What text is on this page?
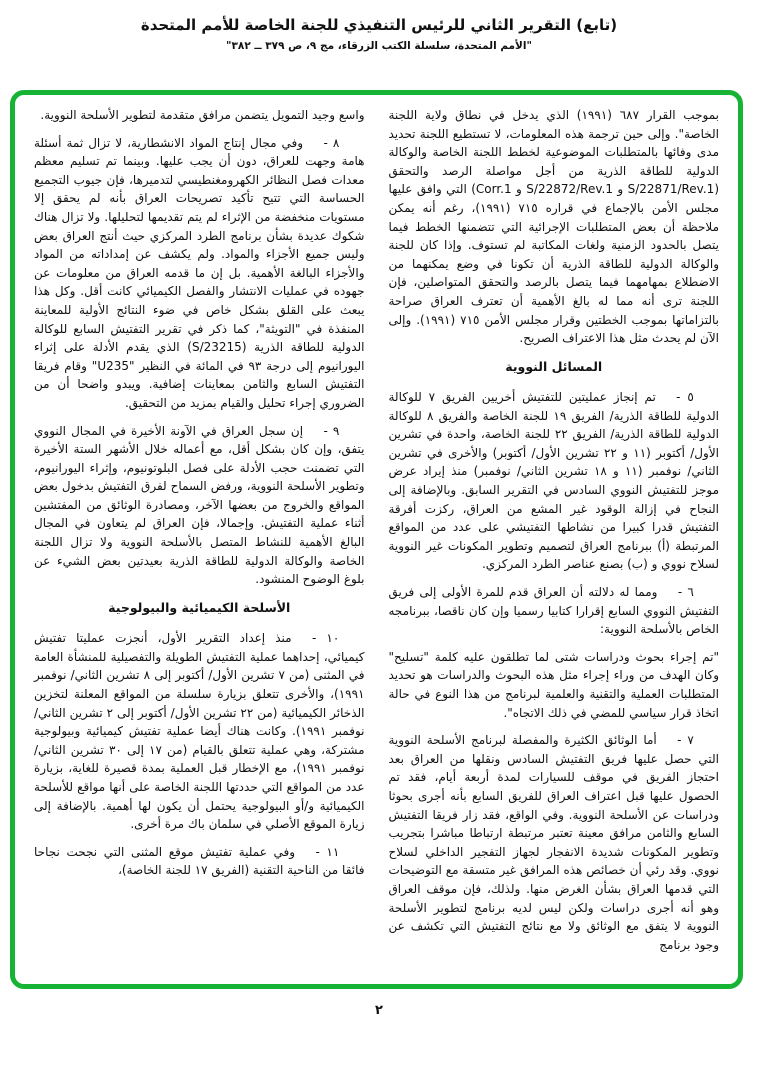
(تابع) التقرير الثاني للرئيس التنفيذي للجنة الخاصة للأمم المتحدة
"الأمم المتحدة، سلسلة الكتب الزرقاء، مج ٩، ص ٣٧٩ ــ ٣٨٢"

بموجب القرار ٦٨٧ (١٩٩١) الذي يدخل في نطاق ولاية اللجنة الخاصة". وإلى حين ترجمة هذه المعلومات، لا تستطيع اللجنة تحديد مدى وفائها بالمتطلبات الموضوعية لخطط اللجنة الخاصة والوكالة الدولية للطاقة الذرية من أجل مواصلة الرصد والتحقق (S/22871/Rev.1 و S/22872/Rev.1 و Corr.1) التي وافق عليها مجلس الأمن بالإجماع في قراره ٧١٥ (١٩٩١)، رغم أنه يمكن ملاحظة أن بعض المتطلبات الإجرائية التي تتضمنها الخطط فيما يتصل بالحدود الزمنية ولغات المكاتبة لم تستوف. وإذا كان للجنة والوكالة الدولية للطاقة الذرية أن تكونا في وضع يمكنهما من الاضطلاع بمهامهما فيما يتصل بالرصد والتحقق المتواصلين، فإن اللجنة ترى أنه مما له بالغ الأهمية أن تعترف العراق صراحة بالتزاماتها بموجب الخطتين وقرار مجلس الأمن ٧١٥ (١٩٩١). وإلى الآن لم يحدث مثل هذا الاعتراف الصريح.

المسائل النووية

٥ -تم إنجاز عمليتين للتفتيش أخريين الفريق ٧ للوكالة الدولية للطاقة الذرية/ الفريق ١٩ للجنة الخاصة والفريق ٨ للوكالة الدولية للطاقة الذرية/ الفريق ٢٢ للجنة الخاصة، واحدة في تشرين الأول/ أكتوبر (١١ و ٢٢ تشرين الأول/ أكتوبر) والأخرى في تشرين الثاني/ نوفمبر (١١ و ١٨ تشرين الثاني/ نوفمبر) منذ إيراد عرض موجز للتفتيش النووي السادس في التقرير السابق. وبالإضافة إلى النجاح في إزالة الوقود غير المشع من العراق، ركزت أفرقة التفتيش قدرا كبيرا من نشاطها التفتيشي على عدد من المواقع المرتبطة (أ) ببرنامج العراق لتصميم وتطوير المكونات غير النووية لسلاح نووي و (ب) بصنع عناصر الطرد المركزي.

٦ -ومما له دلالته أن العراق قدم للمرة الأولى إلى فريق التفتيش النووي السابع إقرارا كتابيا رسميا وإن كان ناقصا، ببرنامجه الخاص بالأسلحة النووية:

"تم إجراء بحوث ودراسات شتى لما تطلقون عليه كلمة "تسليح" وكان الهدف من وراء إجراء مثل هذه البحوث والدراسات هو تحديد المتطلبات العملية والتقنية والعلمية لبرنامج من هذا النوع في حالة اتخاذ قرار سياسي للمضي في ذلك الاتجاه".

٧ -أما الوثائق الكثيرة والمفصلة لبرنامج الأسلحة النووية التي حصل عليها فريق التفتيش السادس ونقلها من العراق بعد احتجاز الفريق في موقف للسيارات لمدة أربعة أيام، فقد تم الحصول عليها قبل اعتراف العراق للفريق السابع بأنه أجرى بحوثا ودراسات عن الأسلحة النووية. وفي الواقع، فقد زار فريقا التفتيش السابع والثامن مرافق معينة تعتبر مرتبطة ارتباطا مباشرا بتجريب وتطوير المكونات شديدة الانفجار لجهاز التفجير الداخلي لسلاح نووي. وقد رئي أن خصائص هذه المرافق غير متسقة مع التوضيحات التي قدمها العراق بشأن الغرض منها. ولذلك، فإن موقف العراق وهو أنه أجرى دراسات ولكن ليس لديه برنامج لتطوير الأسلحة النووية لا يتفق مع الوثائق ولا مع نتائج التفتيش التي تكشف عن وجود برنامج

واسع وجيد التمويل يتضمن مرافق متقدمة لتطوير الأسلحة النووية.

٨ -وفي مجال إنتاج المواد الانشطارية، لا تزال ثمة أسئلة هامة وجهت للعراق، دون أن يجب عليها. وبينما تم تسليم معظم معدات فصل النظائر الكهرومغنطيسي لتدميرها، فإن جيوب التجميع الحساسة التي تتيح تأكيد تصريحات العراق بأنه لم يحقق إلا مستويات منخفضة من الإثراء لم يتم تقديمها لتحليلها. ولا تزال هناك شكوك عديدة بشأن برنامج الطرد المركزي حيث أنتج العراق بعض وليس جميع الأجزاء والمواد. ولم يكشف عن إمداداته من المواد والأجزاء البالغة الأهمية. بل إن ما قدمه العراق من معلومات عن جهوده في عمليات الانتشار والفصل الكيميائي كانت أقل. وكل هذا يبعث على القلق بشكل خاص في ضوء النتائج الأولية للمعاينة المنفذة في "التويثة"، كما ذكر في تقرير التفتيش السابع للوكالة الدولية للطاقة الذرية (S/23215) الذي يقدم الأدلة على إثراء اليورانيوم إلى درجة ٩٣ في المائة في النظير "U235" وقام فريقا التفتيش السابع والثامن بمعاينات إضافية. ويبدو واضحا أن من الضروري إجراء تحليل والقيام بمزيد من التحقيق.

٩ -إن سجل العراق في الآونة الأخيرة في المجال النووي يتفق، وإن كان بشكل أقل، مع أعماله خلال الأشهر الستة الأخيرة التي تضمنت حجب الأدلة على فصل البلوتونيوم، وإثراء اليورانيوم، وتطوير الأسلحة النووية، ورفض السماح لفرق التفتيش بدخول بعض المواقع والخروج من بعضها الآخر، ومصادرة الوثائق من المفتشين أثناء عملية التفتيش. وإجمالا، فإن العراق لم يتعاون في المجال البالغ الأهمية للنشاط المتصل بالأسلحة النووية ولا تزال اللجنة الخاصة والوكالة الدولية للطاقة الذرية بعيدتين بعض الشيء عن بلوغ الوضوح المنشود.

الأسلحة الكيميائية والبيولوجية

١٠ -منذ إعداد التقرير الأول، أنجزت عمليتا تفتيش كيميائي، إحداهما عملية التفتيش الطويلة والتفصيلية للمنشأة العامة في المثنى (من ٧ تشرين الأول/ أكتوبر إلى ٨ تشرين الثاني/ نوفمبر ١٩٩١)، والأخرى تتعلق بزيارة سلسلة من المواقع المعلنة لتخزين الذخائر الكيميائية (من ٢٢ تشرين الأول/ أكتوبر إلى ٢ تشرين الثاني/ نوفمبر ١٩٩١). وكانت هناك أيضا عملية تفتيش كيميائية وبيولوجية مشتركة، وهي عملية تتعلق بالقيام (من ١٧ إلى ٣٠ تشرين الثاني/ نوفمبر ١٩٩١)، مع الإخطار قبل العملية بمدة قصيرة للغاية، بزيارة عدد من المواقع التي حددتها اللجنة الخاصة على أنها مواقع للأسلحة الكيميائية و/أو البيولوجية يحتمل أن يكون لها أهمية. بالإضافة إلى زيارة الموقع الأصلي في سلمان باك مرة أخرى.

١١ -وفي عملية تفتيش موقع المثنى التي نجحت نجاحا فائقا من الناحية التقنية (الفريق ١٧ للجنة الخاصة)،

٢
